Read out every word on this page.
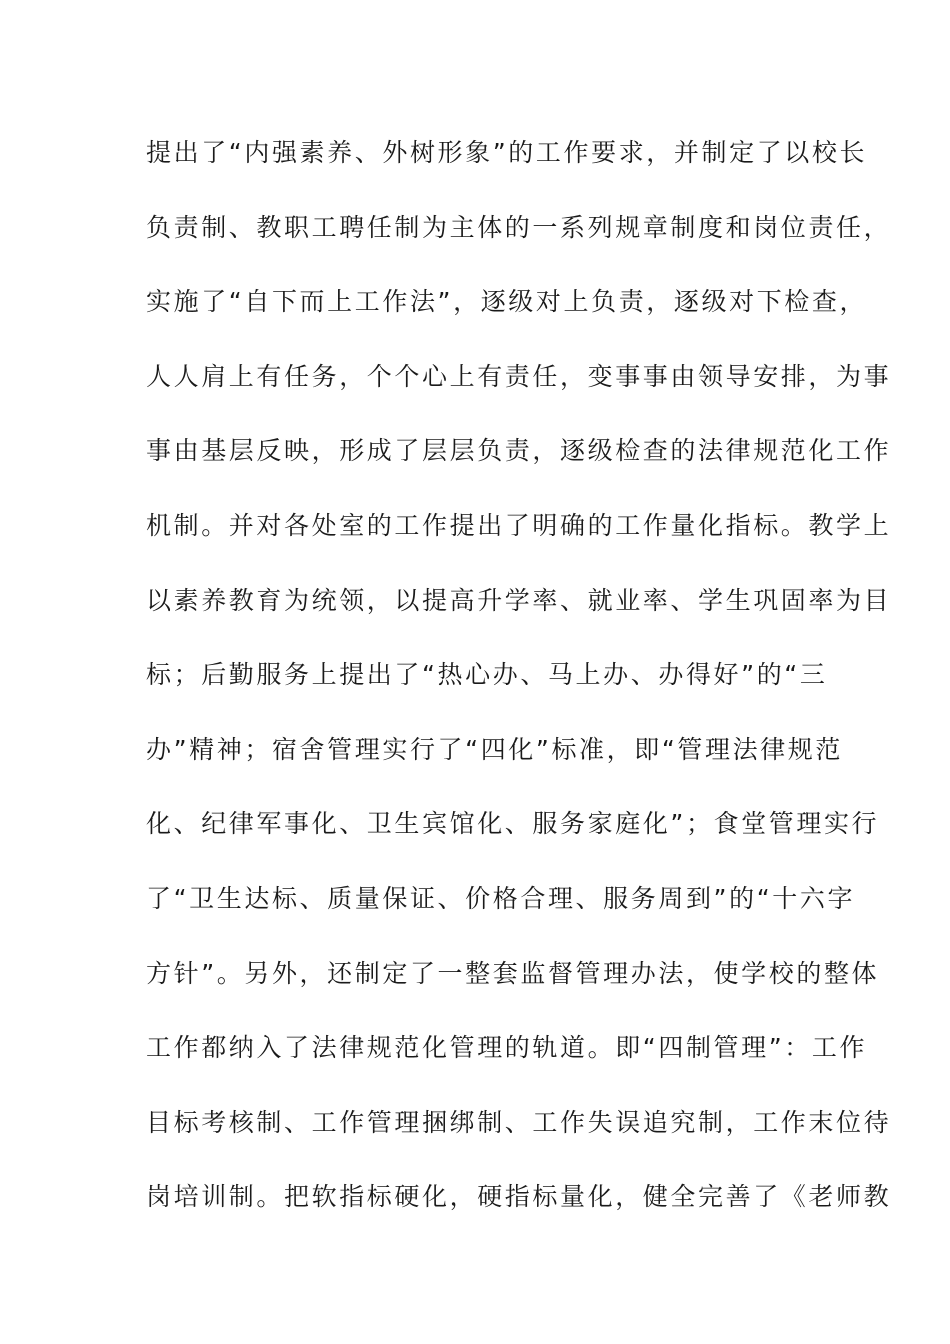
提出了“内强素养、外树形象”的工作要求，并制定了以校长
负责制、教职工聘任制为主体的一系列规章制度和岗位责任，
实施了“自下而上工作法”，逐级对上负责，逐级对下检查，
人人肩上有任务，个个心上有责任，变事事由领导安排，为事
事由基层反映，形成了层层负责，逐级检查的法律规范化工作
机制。并对各处室的工作提出了明确的工作量化指标。教学上
以素养教育为统领，以提高升学率、就业率、学生巩固率为目
标；后勤服务上提出了“热心办、马上办、办得好”的“三
办”精神；宿舍管理实行了“四化”标准，即“管理法律规范
化、纪律军事化、卫生宾馆化、服务家庭化”；食堂管理实行
了“卫生达标、质量保证、价格合理、服务周到”的“十六字
方针”。另外，还制定了一整套监督管理办法，使学校的整体
工作都纳入了法律规范化管理的轨道。即“四制管理”：工作
目标考核制、工作管理捆绑制、工作失误追究制，工作末位待
岗培训制。把软指标硬化，硬指标量化，健全完善了《老师教
